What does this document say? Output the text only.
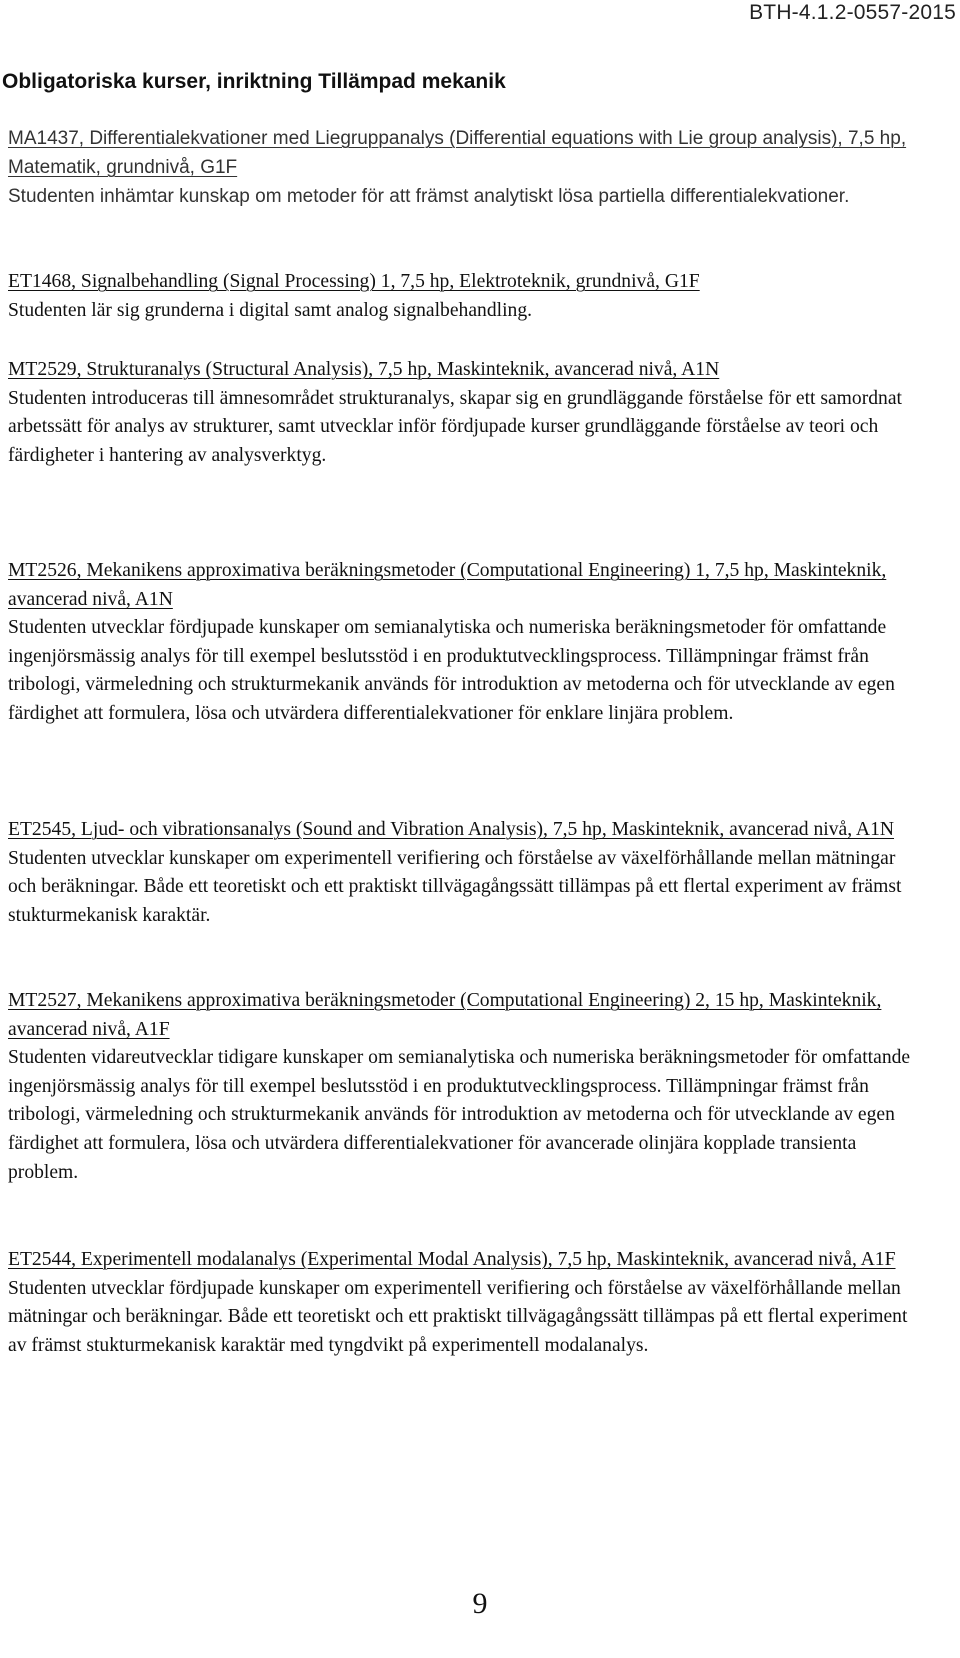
BTH-4.1.2-0557-2015
Obligatoriska kurser, inriktning Tillämpad mekanik
MA1437, Differentialekvationer med Liegruppanalys (Differential equations with Lie group analysis), 7,5 hp, Matematik, grundnivå, G1F
Studenten inhämtar kunskap om metoder för att främst analytiskt lösa partiella differentialekvationer.
ET1468, Signalbehandling (Signal Processing) 1, 7,5 hp, Elektroteknik, grundnivå, G1F
Studenten lär sig grunderna i digital samt analog signalbehandling.
MT2529, Strukturanalys (Structural Analysis), 7,5 hp, Maskinteknik, avancerad nivå, A1N
Studenten introduceras till ämnesområdet strukturanalys, skapar sig en grundläggande förståelse för ett samordnat arbetssätt för analys av strukturer, samt utvecklar inför fördjupade kurser grundläggande förståelse av teori och färdigheter i hantering av analysverktyg.
MT2526, Mekanikens approximativa beräkningsmetoder (Computational Engineering) 1, 7,5 hp, Maskinteknik, avancerad nivå, A1N
Studenten utvecklar fördjupade kunskaper om semianalytiska och numeriska beräkningsmetoder för omfattande ingenjörsmässig analys för till exempel beslutsstöd i en produktutvecklingsprocess. Tillämpningar främst från tribologi, värmeledning och strukturmekanik används för introduktion av metoderna och för utvecklande av egen färdighet att formulera, lösa och utvärdera differentialekvationer för enklare linjära problem.
ET2545, Ljud- och vibrationsanalys (Sound and Vibration Analysis), 7,5 hp, Maskinteknik, avancerad nivå, A1N
Studenten utvecklar kunskaper om experimentell verifiering och förståelse av växelförhållande mellan mätningar och beräkningar. Både ett teoretiskt och ett praktiskt tillvägagångssätt tillämpas på ett flertal experiment av främst stukturmekanisk karaktär.
MT2527, Mekanikens approximativa beräkningsmetoder (Computational Engineering) 2, 15 hp, Maskinteknik, avancerad nivå, A1F
Studenten vidareutvecklar tidigare kunskaper om semianalytiska och numeriska beräkningsmetoder för omfattande ingenjörsmässig analys för till exempel beslutsstöd i en produktutvecklingsprocess. Tillämpningar främst från tribologi, värmeledning och strukturmekanik används för introduktion av metoderna och för utvecklande av egen färdighet att formulera, lösa och utvärdera differentialekvationer för avancerade olinjära kopplade transienta problem.
ET2544, Experimentell modalanalys (Experimental Modal Analysis), 7,5 hp, Maskinteknik, avancerad nivå, A1F
Studenten utvecklar fördjupade kunskaper om experimentell verifiering och förståelse av växelförhållande mellan mätningar och beräkningar. Både ett teoretiskt och ett praktiskt tillvägagångssätt tillämpas på ett flertal experiment av främst stukturmekanisk karaktär med tyngdvikt på experimentell modalanalys.
9
